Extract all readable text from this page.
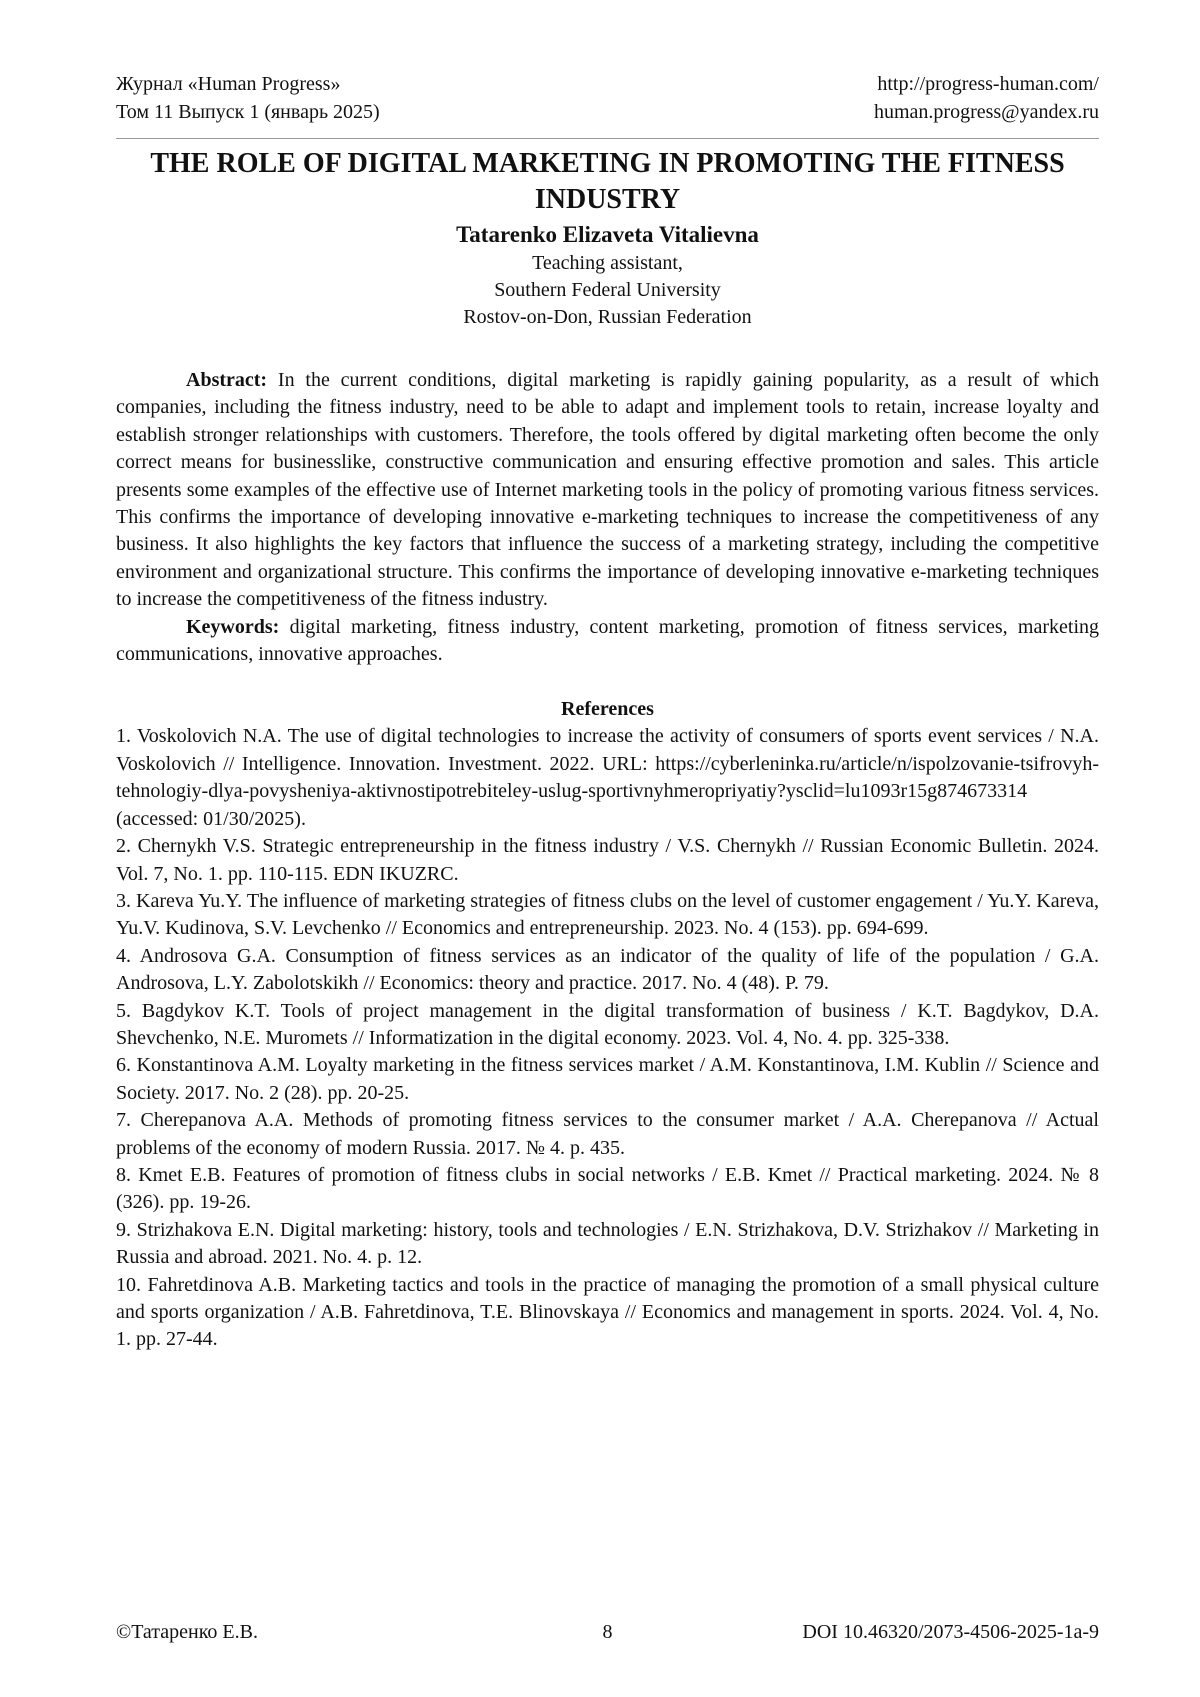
Журнал «Human Progress»	http://progress-human.com/
Том 11 Выпуск 1 (январь 2025)	human.progress@yandex.ru
THE ROLE OF DIGITAL MARKETING IN PROMOTING THE FITNESS INDUSTRY
Tatarenko Elizaveta Vitalievna
Teaching assistant,
Southern Federal University
Rostov-on-Don, Russian Federation

Abstract: In the current conditions, digital marketing is rapidly gaining popularity, as a result of which companies, including the fitness industry, need to be able to adapt and implement tools to retain, increase loyalty and establish stronger relationships with customers. Therefore, the tools offered by digital marketing often become the only correct means for businesslike, constructive communication and ensuring effective promotion and sales. This article presents some examples of the effective use of Internet marketing tools in the policy of promoting various fitness services. This confirms the importance of developing innovative e-marketing techniques to increase the competitiveness of any business. It also highlights the key factors that influence the success of a marketing strategy, including the competitive environment and organizational structure. This confirms the importance of developing innovative e-marketing techniques to increase the competitiveness of the fitness industry.

Keywords: digital marketing, fitness industry, content marketing, promotion of fitness services, marketing communications, innovative approaches.

References

1. Voskolovich N.A. The use of digital technologies to increase the activity of consumers of sports event services / N.A. Voskolovich // Intelligence. Innovation. Investment. 2022. URL: https://cyberleninka.ru/article/n/ispolzovanie-tsifrovyh-tehnologiy-dlya-povysheniya-aktivnostipotrebiteley-uslug-sportivnyhmeropriyatiy?ysclid=lu1093r15g874673314 (accessed: 01/30/2025).

2. Chernykh V.S. Strategic entrepreneurship in the fitness industry / V.S. Chernykh // Russian Economic Bulletin. 2024. Vol. 7, No. 1. pp. 110-115. EDN IKUZRC.

3. Kareva Yu.Y. The influence of marketing strategies of fitness clubs on the level of customer engagement / Yu.Y. Kareva, Yu.V. Kudinova, S.V. Levchenko // Economics and entrepreneurship. 2023. No. 4 (153). pp. 694-699.

4. Androsova G.A. Consumption of fitness services as an indicator of the quality of life of the population / G.A. Androsova, L.Y. Zabolotskikh // Economics: theory and practice. 2017. No. 4 (48). P. 79.

5. Bagdykov K.T. Tools of project management in the digital transformation of business / K.T. Bagdykov, D.A. Shevchenko, N.E. Muromets // Informatization in the digital economy. 2023. Vol. 4, No. 4. pp. 325-338.

6. Konstantinova A.M. Loyalty marketing in the fitness services market / A.M. Konstantinova, I.M. Kublin // Science and Society. 2017. No. 2 (28). pp. 20-25.

7. Cherepanova A.A. Methods of promoting fitness services to the consumer market / A.A. Cherepanova // Actual problems of the economy of modern Russia. 2017. № 4. p. 435.

8. Kmet E.B. Features of promotion of fitness clubs in social networks / E.B. Kmet // Practical marketing. 2024. № 8 (326). pp. 19-26.

9. Strizhakova E.N. Digital marketing: history, tools and technologies / E.N. Strizhakova, D.V. Strizhakov // Marketing in Russia and abroad. 2021. No. 4. p. 12.

10. Fahretdinova A.B. Marketing tactics and tools in the practice of managing the promotion of a small physical culture and sports organization / A.B. Fahretdinova, T.E. Blinovskaya // Economics and management in sports. 2024. Vol. 4, No. 1. pp. 27-44.

©Татаренко Е.В.	8	DOI 10.46320/2073-4506-2025-1a-9
